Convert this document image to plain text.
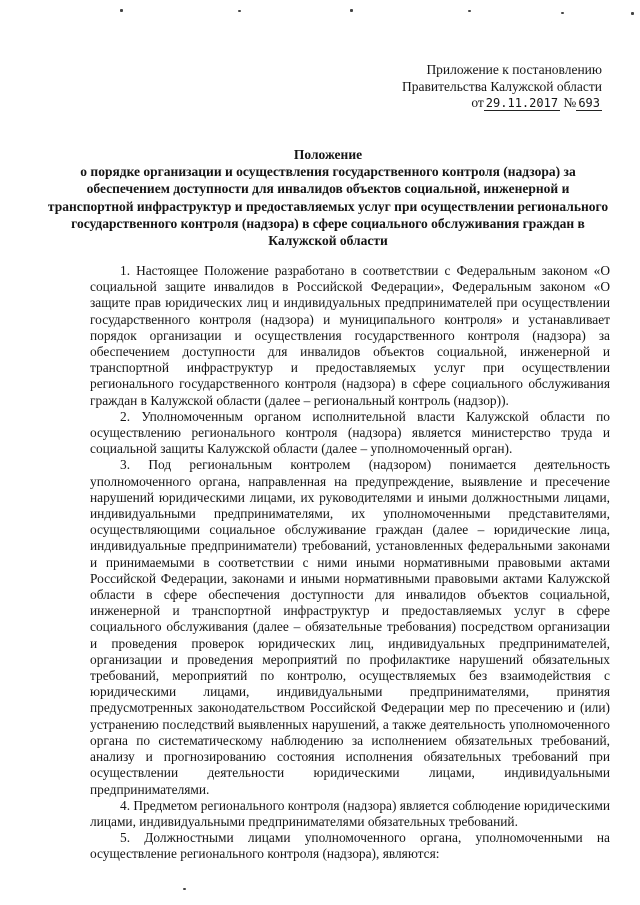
Приложение к постановлению
Правительства Калужской области
от 29.11.2017 № 693
Положение
о порядке организации и осуществления государственного контроля (надзора) за обеспечением доступности для инвалидов объектов социальной, инженерной и транспортной инфраструктур и предоставляемых услуг при осуществлении регионального государственного контроля (надзора) в сфере социального обслуживания граждан в Калужской области

1. Настоящее Положение разработано в соответствии с Федеральным законом «О социальной защите инвалидов в Российской Федерации», Федеральным законом «О защите прав юридических лиц и индивидуальных предпринимателей при осуществлении государственного контроля (надзора) и муниципального контроля» и устанавливает порядок организации и осуществления государственного контроля (надзора) за обеспечением доступности для инвалидов объектов социальной, инженерной и транспортной инфраструктур и предоставляемых услуг при осуществлении регионального государственного контроля (надзора) в сфере социального обслуживания граждан в Калужской области (далее – региональный контроль (надзор)).

2. Уполномоченным органом исполнительной власти Калужской области по осуществлению регионального контроля (надзора) является министерство труда и социальной защиты Калужской области (далее – уполномоченный орган).

3. Под региональным контролем (надзором) понимается деятельность уполномоченного органа, направленная на предупреждение, выявление и пресечение нарушений юридическими лицами, их руководителями и иными должностными лицами, индивидуальными предпринимателями, их уполномоченными представителями, осуществляющими социальное обслуживание граждан (далее – юридические лица, индивидуальные предприниматели) требований, установленных федеральными законами и принимаемыми в соответствии с ними иными нормативными правовыми актами Российской Федерации, законами и иными нормативными правовыми актами Калужской области в сфере обеспечения доступности для инвалидов объектов социальной, инженерной и транспортной инфраструктур и предоставляемых услуг в сфере социального обслуживания (далее – обязательные требования) посредством организации и проведения проверок юридических лиц, индивидуальных предпринимателей, организации и проведения мероприятий по профилактике нарушений обязательных требований, мероприятий по контролю, осуществляемых без взаимодействия с юридическими лицами, индивидуальными предпринимателями, принятия предусмотренных законодательством Российской Федерации мер по пресечению и (или) устранению последствий выявленных нарушений, а также деятельность уполномоченного органа по систематическому наблюдению за исполнением обязательных требований, анализу и прогнозированию состояния исполнения обязательных требований при осуществлении деятельности юридическими лицами, индивидуальными предпринимателями.

4. Предметом регионального контроля (надзора) является соблюдение юридическими лицами, индивидуальными предпринимателями обязательных требований.

5. Должностными лицами уполномоченного органа, уполномоченными на осуществление регионального контроля (надзора), являются:
